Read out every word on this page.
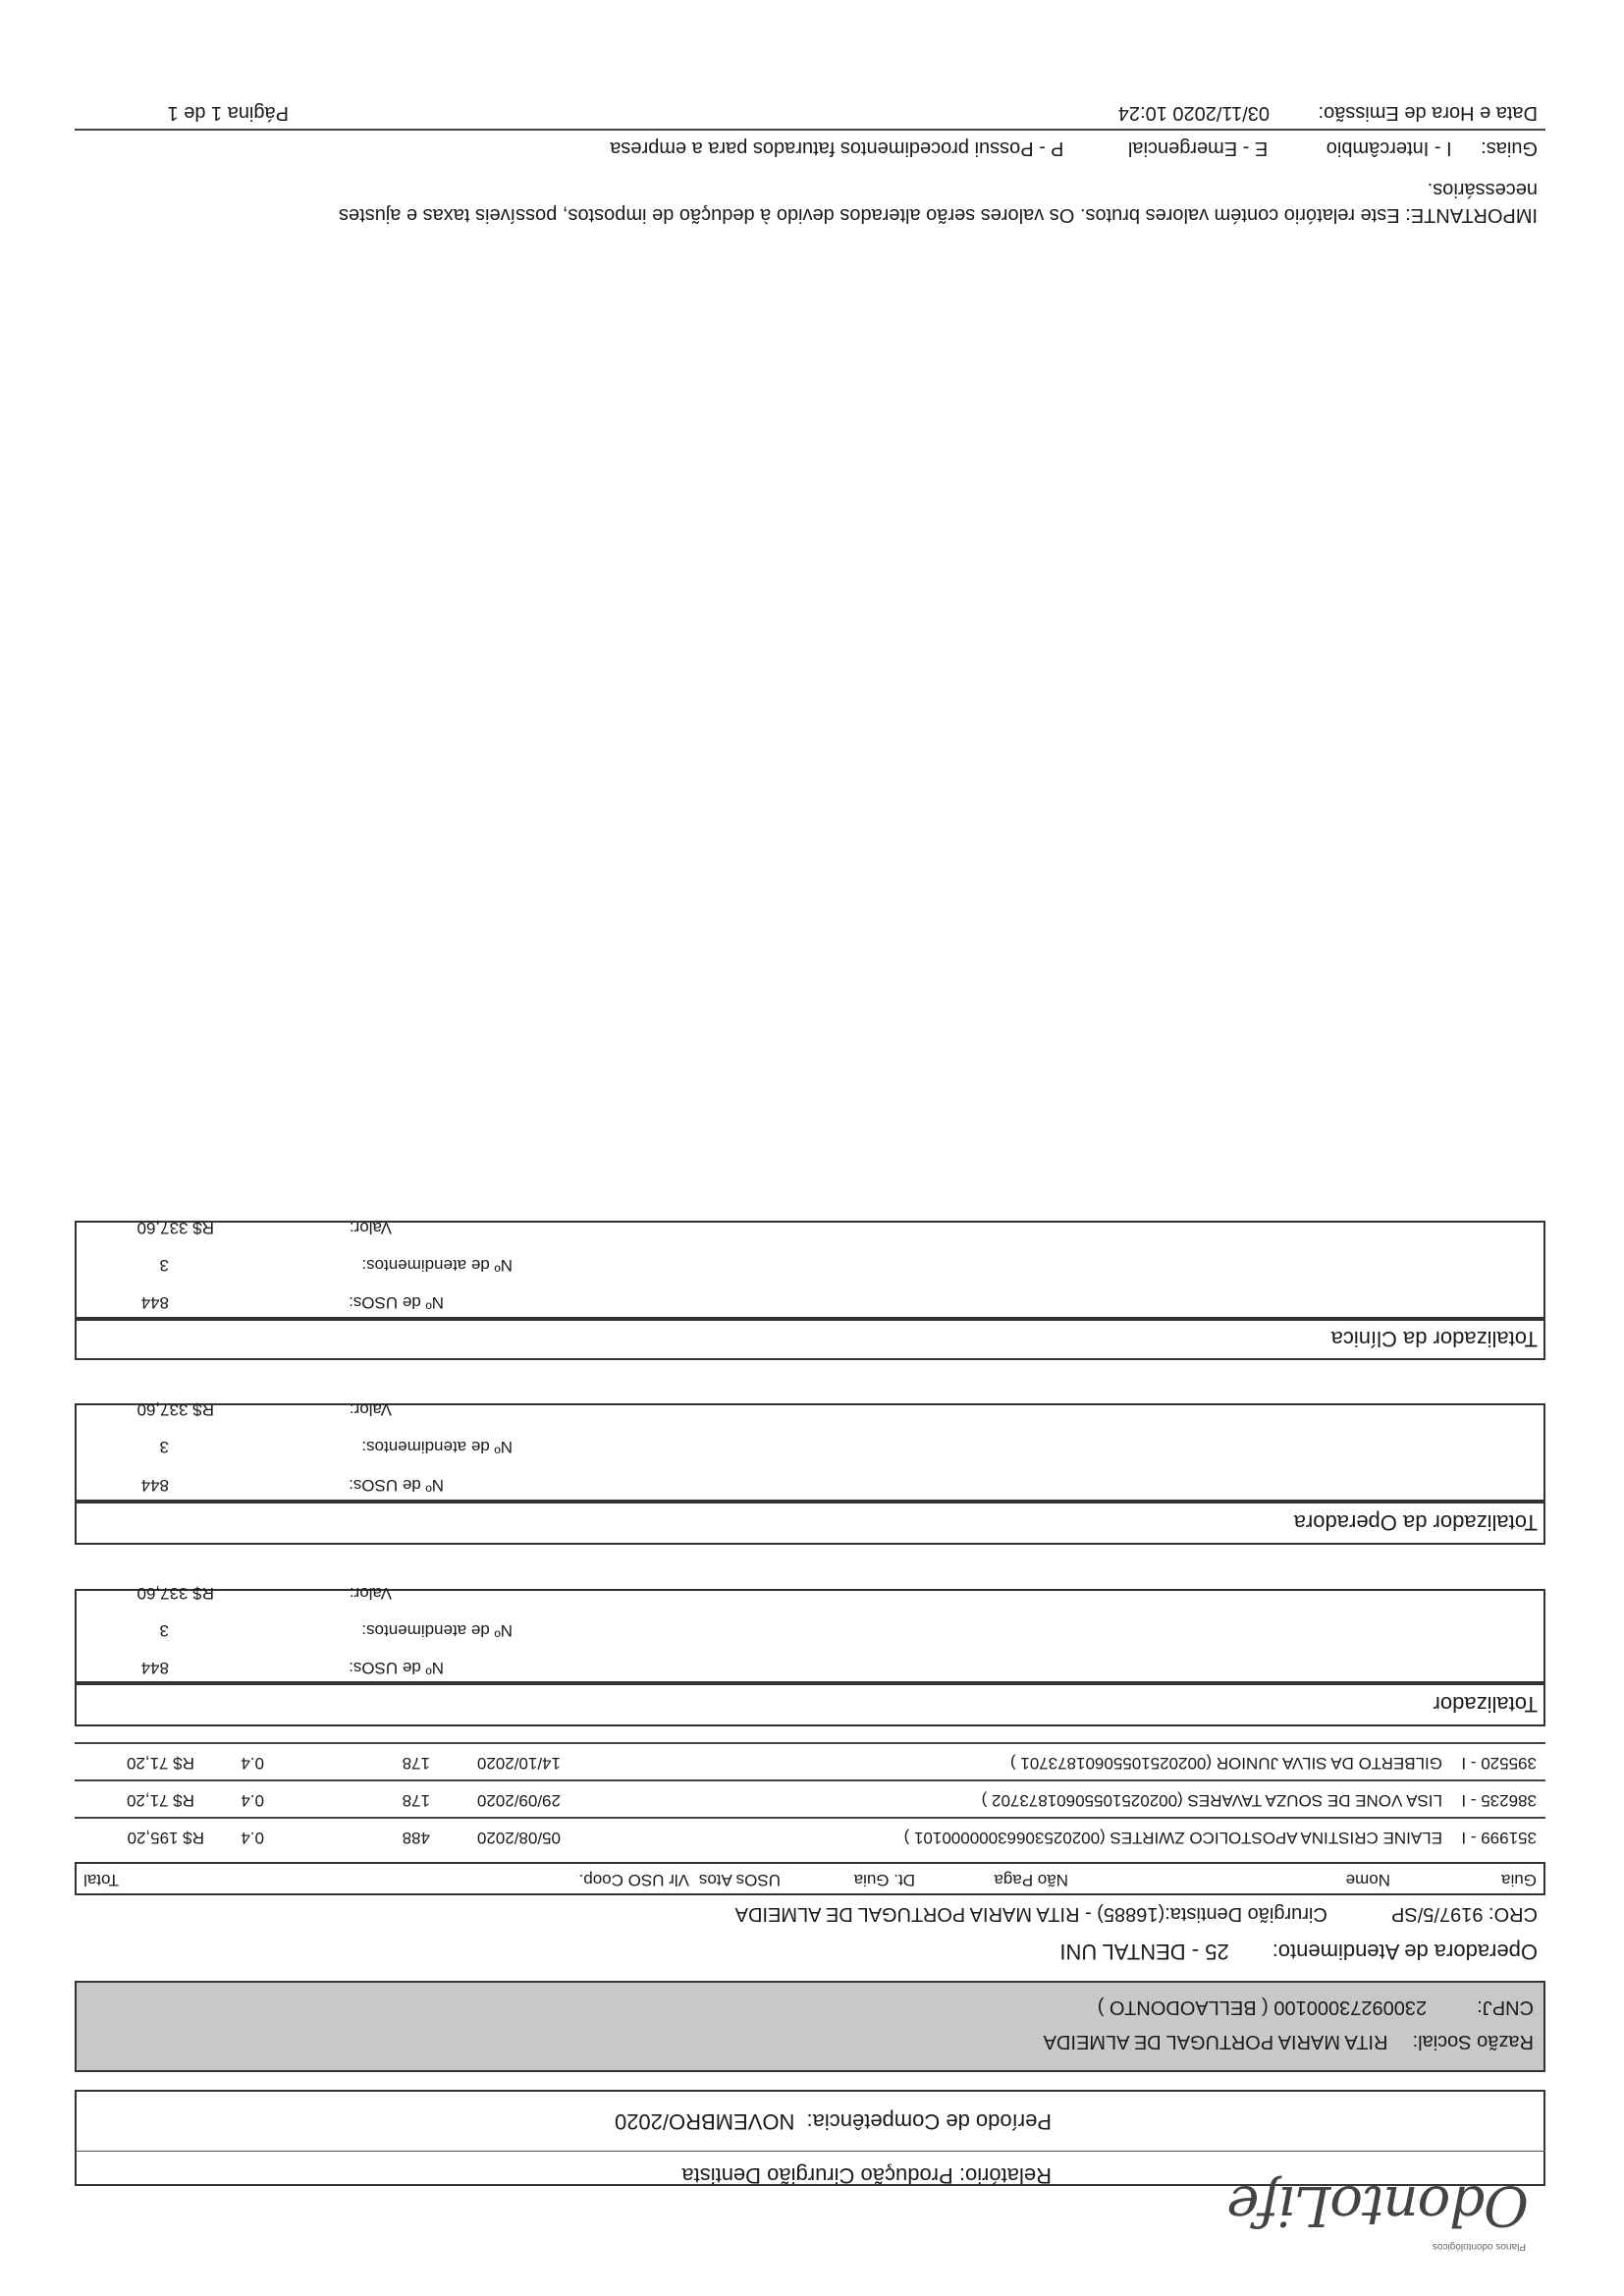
OdontoLife
Planos odontológicos
Relatório: Produção Cirurgião Dentista
Período de Competência: NOVEMBRO/2020
Razão Social:  RITA MARIA PORTUGAL DE ALMEIDA
CNPJ:  23009273000100 ( BELLAODONTO )
Operadora de Atendimento:25 - DENTAL UNI
CRO: 9197/5/SP Cirurgião Dentista:(16885) - RITA MARIA PORTUGAL DE ALMEIDA
Guia
Nome
Não Paga
Dt. Guia
USOs Atos
Vlr USO Coop.
Total
351999 - I
ELAINE CRISTINA APOSTOLICO ZWIRTES (00202530663000000101 )
05/08/2020
488
0.4
R$ 195,20
386235 - I
LISA VONE DE SOUZA TAVARES (00202510550601873702 )
29/09/2020
178
0.4
R$ 71,20
395520 - I
GILBERTO DA SILVA JUNIOR (00202510550601873701 )
14/10/2020
178
0.4
R$ 71,20
Totalizador
Nº de USOs:
844
Nº de atendimentos:
3
Valor:
R$ 337,60
Totalizador da Operadora
Nº de USOs:
844
Nº de atendimentos:
3
Valor:
R$ 337,60
Totalizador da Clínica
Nº de USOs:
844
Nº de atendimentos:
3
Valor:
R$ 337,60
IMPORTANTE: Este relatório contém valores brutos. Os valores serão alterados devido à dedução de impostos, possíveis taxas e ajustes
necessários.
Guias: I - Intercâmbio E - Emergencial P - Possui procedimentos faturados para a empresa
Data e Hora de Emissão: 03/11/2020 10:24
Página 1 de 1
